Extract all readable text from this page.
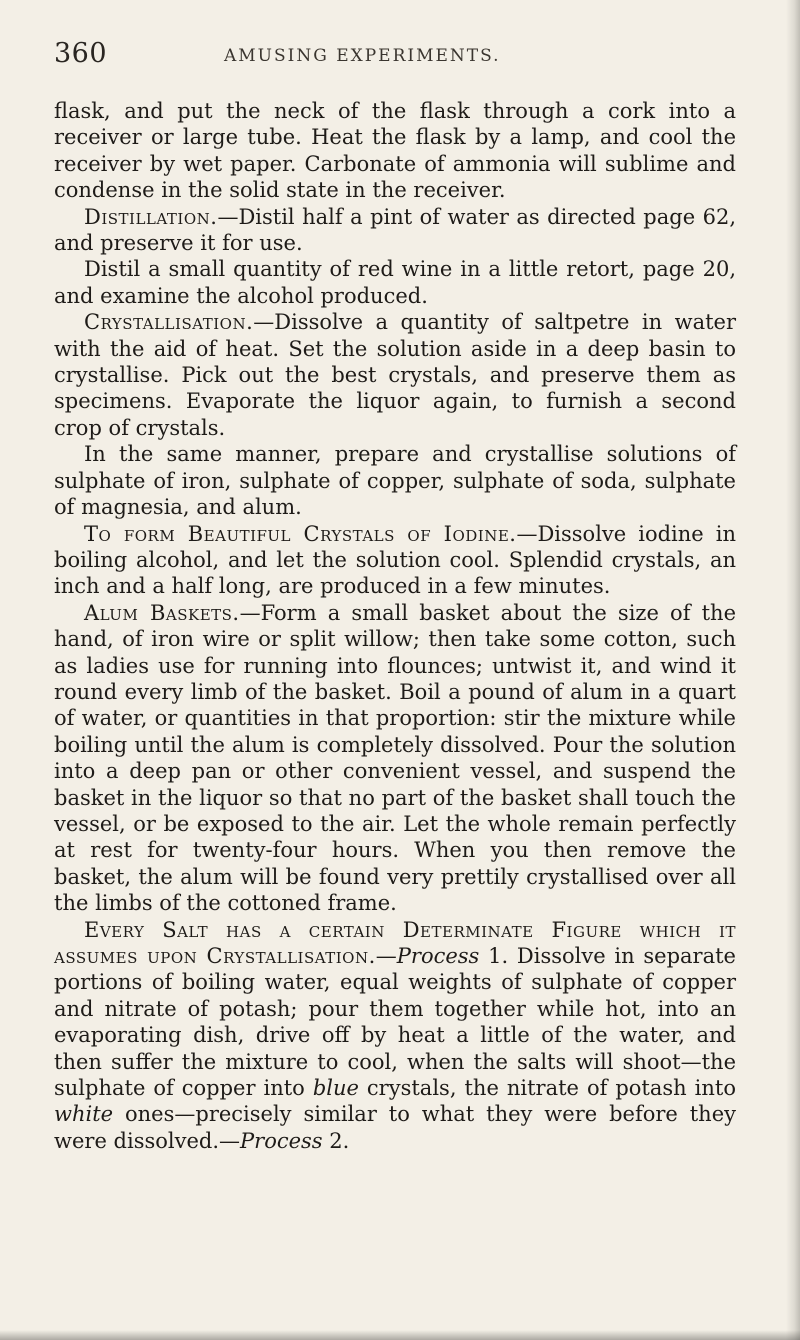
360	AMUSING EXPERIMENTS.

flask, and put the neck of the flask through a cork into a receiver or large tube. Heat the flask by a lamp, and cool the receiver by wet paper. Carbonate of ammonia will sublime and condense in the solid state in the receiver.

Distillation.—Distil half a pint of water as directed page 62, and preserve it for use.

Distil a small quantity of red wine in a little retort, page 20, and examine the alcohol produced.

Crystallisation.—Dissolve a quantity of saltpetre in water with the aid of heat. Set the solution aside in a deep basin to crystallise. Pick out the best crystals, and preserve them as specimens. Evaporate the liquor again, to furnish a second crop of crystals.

In the same manner, prepare and crystallise solutions of sulphate of iron, sulphate of copper, sulphate of soda, sulphate of magnesia, and alum.

To form Beautiful Crystals of Iodine.—Dissolve iodine in boiling alcohol, and let the solution cool. Splendid crystals, an inch and a half long, are produced in a few minutes.

Alum Baskets.—Form a small basket about the size of the hand, of iron wire or split willow; then take some cotton, such as ladies use for running into flounces; untwist it, and wind it round every limb of the basket. Boil a pound of alum in a quart of water, or quantities in that proportion: stir the mixture while boiling until the alum is completely dissolved. Pour the solution into a deep pan or other convenient vessel, and suspend the basket in the liquor so that no part of the basket shall touch the vessel, or be exposed to the air. Let the whole remain perfectly at rest for twenty-four hours. When you then remove the basket, the alum will be found very prettily crystallised over all the limbs of the cottoned frame.

Every Salt has a certain Determinate Figure which it assumes upon Crystallisation.—Process 1. Dissolve in separate portions of boiling water, equal weights of sulphate of copper and nitrate of potash; pour them together while hot, into an evaporating dish, drive off by heat a little of the water, and then suffer the mixture to cool, when the salts will shoot—the sulphate of copper into blue crystals, the nitrate of potash into white ones—precisely similar to what they were before they were dissolved.—Process 2.
